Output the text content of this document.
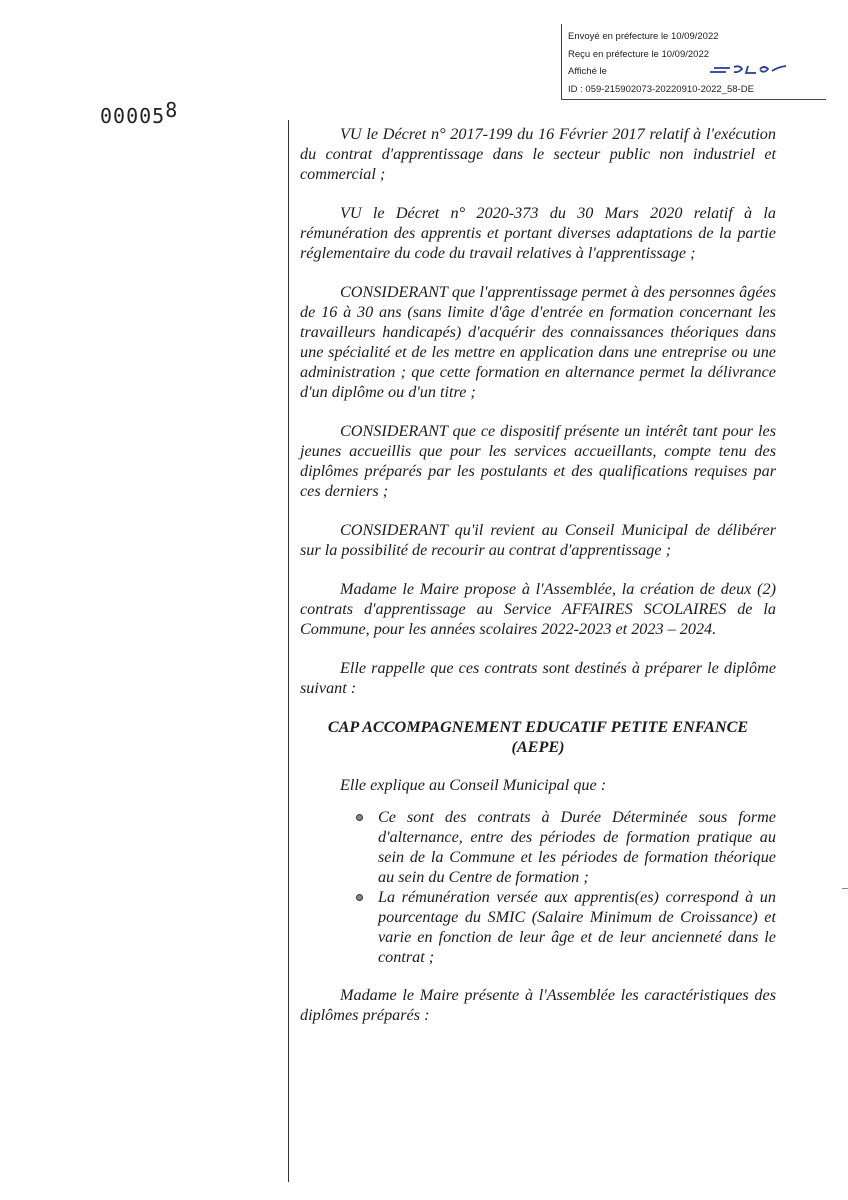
Envoyé en préfecture le 10/09/2022
Reçu en préfecture le 10/09/2022
Affiché le
ID : 059-215902073-20220910-2022_58-DE
000058

VU le Décret n° 2017-199 du 16 Février 2017 relatif à l'exécution du contrat d'apprentissage dans le secteur public non industriel et commercial ;

VU le Décret n° 2020-373 du 30 Mars 2020 relatif à la rémunération des apprentis et portant diverses adaptations de la partie réglementaire du code du travail relatives à l'apprentissage ;

CONSIDERANT que l'apprentissage permet à des personnes âgées de 16 à 30 ans (sans limite d'âge d'entrée en formation concernant les travailleurs handicapés) d'acquérir des connaissances théoriques dans une spécialité et de les mettre en application dans une entreprise ou une administration ; que cette formation en alternance permet la délivrance d'un diplôme ou d'un titre ;

CONSIDERANT que ce dispositif présente un intérêt tant pour les jeunes accueillis que pour les services accueillants, compte tenu des diplômes préparés par les postulants et des qualifications requises par ces derniers ;

CONSIDERANT qu'il revient au Conseil Municipal de délibérer sur la possibilité de recourir au contrat d'apprentissage ;

Madame le Maire propose à l'Assemblée, la création de deux (2) contrats d'apprentissage au Service AFFAIRES SCOLAIRES de la Commune, pour les années scolaires 2022-2023 et 2023 – 2024.

Elle rappelle que ces contrats sont destinés à préparer le diplôme suivant :

CAP ACCOMPAGNEMENT EDUCATIF PETITE ENFANCE (AEPE)

Elle explique au Conseil Municipal que :

Ce sont des contrats à Durée Déterminée sous forme d'alternance, entre des périodes de formation pratique au sein de la Commune et les périodes de formation théorique au sein du Centre de formation ;
La rémunération versée aux apprentis(es) correspond à un pourcentage du SMIC (Salaire Minimum de Croissance) et varie en fonction de leur âge et de leur ancienneté dans le contrat ;

Madame le Maire présente à l'Assemblée les caractéristiques des diplômes préparés :
